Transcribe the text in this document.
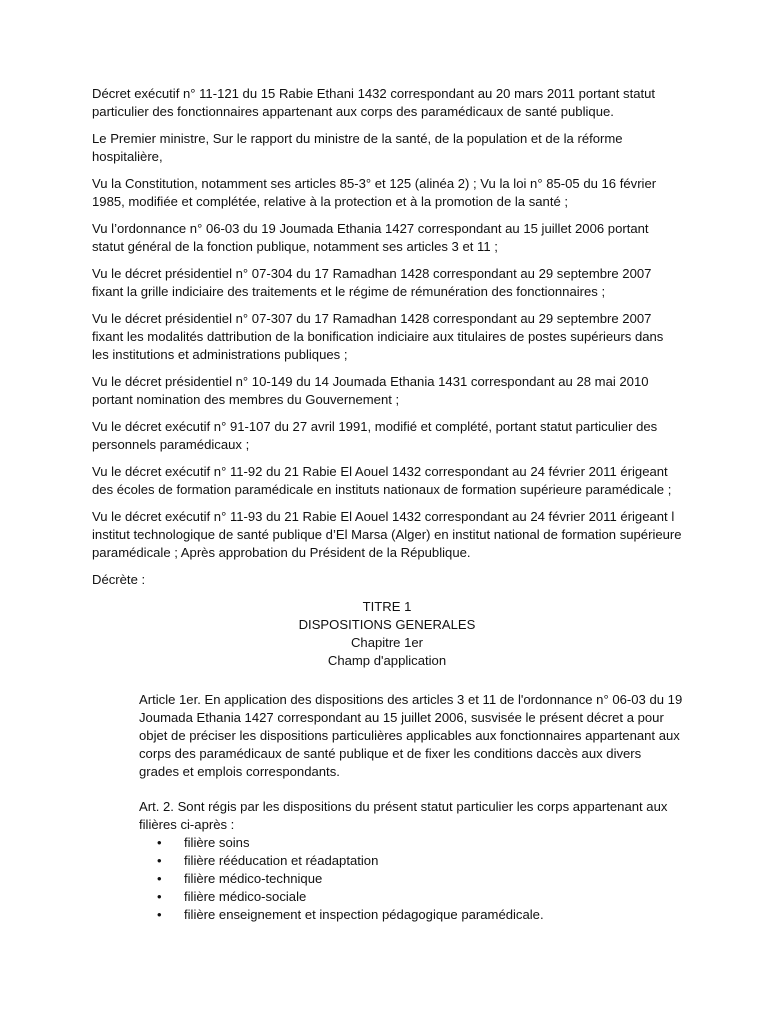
Décret exécutif n° 11-121 du 15 Rabie Ethani 1432 correspondant au 20 mars 2011 portant statut particulier des fonctionnaires appartenant aux corps des paramédicaux de santé publique.

Le Premier ministre, Sur le rapport du ministre de la santé, de la population et de la réforme hospitalière,

Vu la Constitution, notamment ses articles 85-3° et 125 (alinéa 2) ; Vu la loi n° 85-05 du 16 février 1985, modifiée et complétée, relative à la protection et à la promotion de la santé ;

Vu l’ordonnance n° 06-03 du 19 Joumada Ethania 1427 correspondant au 15 juillet 2006 portant statut général de la fonction publique, notamment ses articles 3 et 11 ;

Vu le décret présidentiel n° 07-304 du 17 Ramadhan 1428 correspondant au 29 septembre 2007 fixant la grille indiciaire des traitements et le régime de rémunération des fonctionnaires ;

Vu le décret présidentiel n° 07-307 du 17 Ramadhan 1428 correspondant au 29 septembre 2007 fixant les modalités dattribution de la bonification indiciaire aux titulaires de postes supérieurs dans les institutions et administrations publiques ;

Vu le décret présidentiel n° 10-149 du 14 Joumada Ethania 1431 correspondant au 28 mai 2010 portant nomination des membres du Gouvernement ;

Vu le décret exécutif n° 91-107 du 27 avril 1991, modifié et complété, portant statut particulier des personnels paramédicaux ;

Vu le décret exécutif n° 11-92 du 21 Rabie El Aouel 1432 correspondant au 24 février 2011 érigeant des écoles de formation paramédicale en instituts nationaux de formation supérieure paramédicale ;

Vu le décret exécutif n° 11-93 du 21 Rabie El Aouel 1432 correspondant au 24 février 2011 érigeant l institut technologique de santé publique d’El Marsa (Alger) en institut national de formation supérieure paramédicale ; Après approbation du Président de la République.

Décrète :

TITRE 1
DISPOSITIONS GENERALES
Chapitre 1er
Champ d'application
Article 1er. En application des dispositions des articles 3 et 11 de l'ordonnance n° 06-03 du 19 Joumada Ethania 1427 correspondant au 15 juillet 2006, susvisée le présent décret a pour objet de préciser les dispositions particulières applicables aux fonctionnaires appartenant aux corps des paramédicaux de santé publique et de fixer les conditions daccès aux divers grades et emplois correspondants.
Art. 2. Sont régis par les dispositions du présent statut particulier les corps appartenant aux filières ci-après :
• filière soins
• filière rééducation et réadaptation
• filière médico-technique
• filière médico-sociale
• filière enseignement et inspection pédagogique paramédicale.
